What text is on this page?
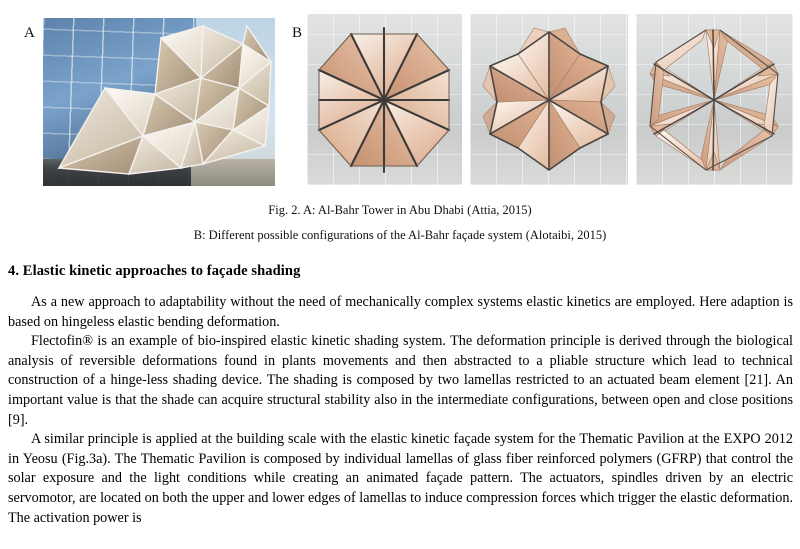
A	B
Fig. 2. A: Al-Bahr Tower in Abu Dhabi (Attia, 2015)
B: Different possible configurations of the Al-Bahr façade system (Alotaibi, 2015)
4. Elastic kinetic approaches to façade shading

As a new approach to adaptability without the need of mechanically complex systems elastic kinetics are employed. Here adaption is based on hingeless elastic bending deformation.

Flectofin® is an example of bio-inspired elastic kinetic shading system. The deformation principle is derived through the biological analysis of reversible deformations found in plants movements and then abstracted to a pliable structure which lead to technical construction of a hinge-less shading device. The shading is composed by two lamellas restricted to an actuated beam element [21]. An important value is that the shade can acquire structural stability also in the intermediate configurations, between open and close positions [9].

A similar principle is applied at the building scale with the elastic kinetic façade system for the Thematic Pavilion at the EXPO 2012 in Yeosu (Fig.3a). The Thematic Pavilion is composed by individual lamellas of glass fiber reinforced polymers (GFRP) that control the solar exposure and the light conditions while creating an animated façade pattern. The actuators, spindles driven by an electric servomotor, are located on both the upper and lower edges of lamellas to induce compression forces which trigger the elastic deformation. The activation power is
